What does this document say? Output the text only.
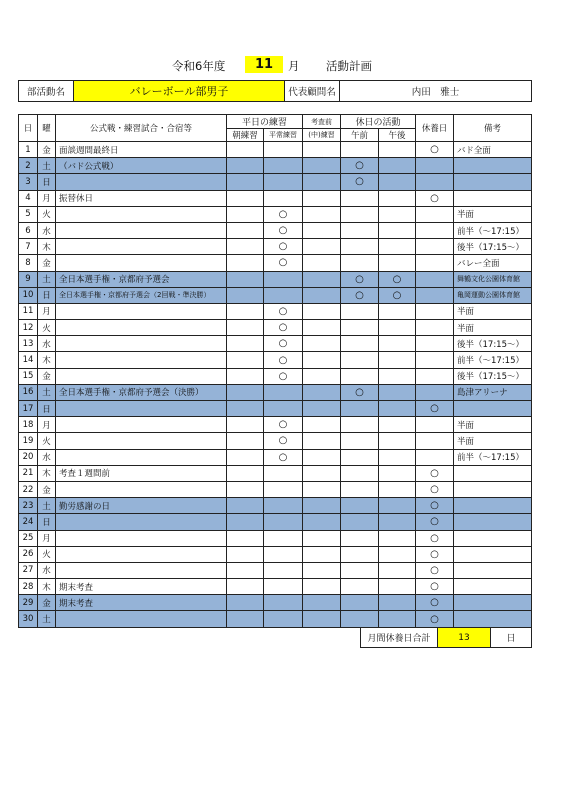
令和6年度	11	月 活動計画
部活動名	バレーボール部男子	代表顧問名	内田　雅士
日	曜	公式戦・練習試合・合宿等	平日の練習		考査前	休日の活動		休養日	備考
			朝練習	平常練習	(中)練習	午前	午後		
1	金	面談週間最終日						○	バド全面
2	土	（バド公式戦）				○			
3	日					○			
4	月	振替休日						○	
5	火			○					半面
6	水			○					前半（～17:15）
7	木			○					後半（17:15～）
8	金			○					バレー全面
9	土	全日本選手権・京都府予選会				○	○		舞鶴文化公園体育館
10	日	全日本選手権・京都府予選会（2回戦・準決勝）				○	○		亀岡運動公園体育館
11	月			○					半面
12	火			○					半面
13	水			○					後半（17:15～）
14	木			○					前半（～17:15）
15	金			○					後半（17:15～）
16	土	全日本選手権・京都府予選会（決勝）				○			島津アリーナ
17	日							○	
18	月			○					半面
19	火			○					半面
20	水			○					前半（～17:15）
21	木	考査１週間前						○	
22	金							○	
23	土	勤労感謝の日						○	
24	日							○	
25	月							○	
26	火							○	
27	水							○	
28	木	期末考査						○	
29	金	期末考査						○	
30	土							○	
月間休養日合計	13	日
